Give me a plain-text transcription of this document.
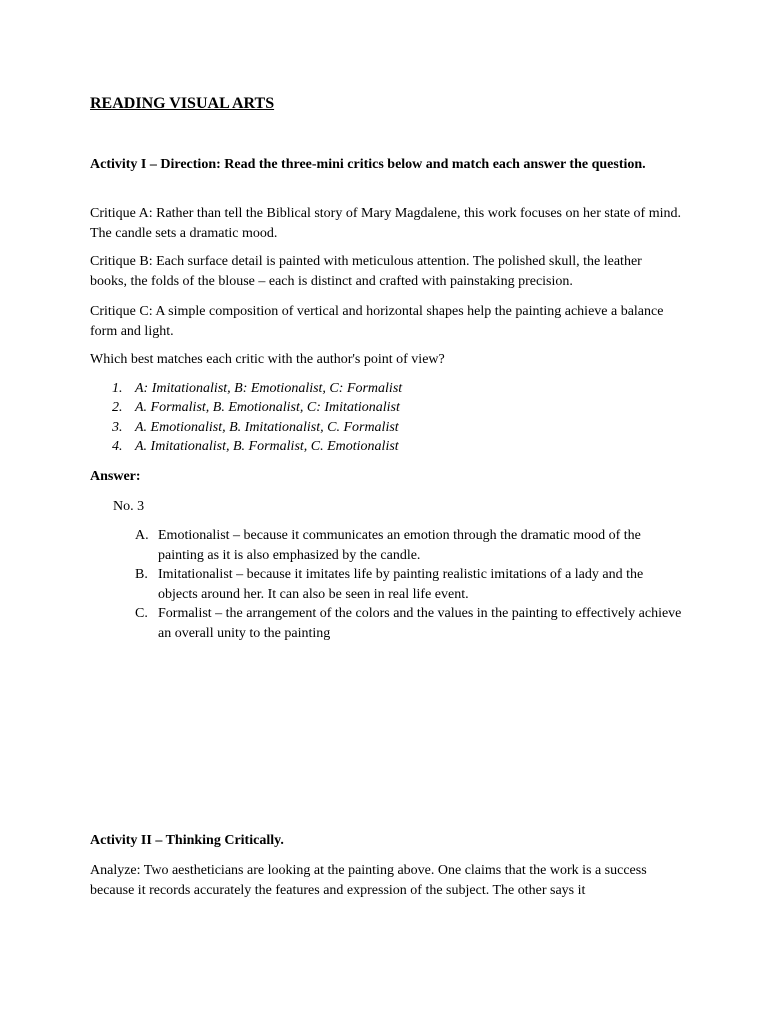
READING VISUAL ARTS

Activity I – Direction: Read the three-mini critics below and match each answer the question.

Critique A: Rather than tell the Biblical story of Mary Magdalene, this work focuses on her state of mind. The candle sets a dramatic mood.

Critique B: Each surface detail is painted with meticulous attention. The polished skull, the leather books, the folds of the blouse – each is distinct and crafted with painstaking precision.

Critique C: A simple composition of vertical and horizontal shapes help the painting achieve a balance form and light.

Which best matches each critic with the author's point of view?

1. A: Imitationalist, B: Emotionalist, C: Formalist
2. A. Formalist, B. Emotionalist, C: Imitationalist
3. A. Emotionalist, B. Imitationalist, C. Formalist
4. A. Imitationalist, B. Formalist, C. Emotionalist

Answer:

No. 3

A. Emotionalist – because it communicates an emotion through the dramatic mood of the painting as it is also emphasized by the candle.
B. Imitationalist – because it imitates life by painting realistic imitations of a lady and the objects around her. It can also be seen in real life event.
C. Formalist – the arrangement of the colors and the values in the painting to effectively achieve an overall unity to the painting

Activity II – Thinking Critically.

Analyze: Two aestheticians are looking at the painting above. One claims that the work is a success because it records accurately the features and expression of the subject. The other says it
